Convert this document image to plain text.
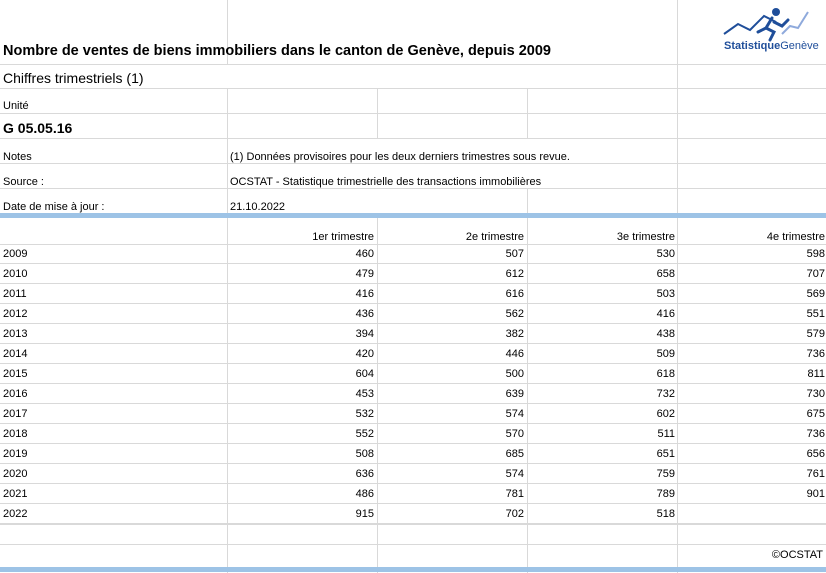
StatistiqueGenève
Nombre de ventes de biens immobiliers dans le canton de Genève, depuis 2009
Chiffres trimestriels (1)
Unité
G 05.05.16
Notes	(1) Données provisoires pour les deux derniers trimestres sous revue.
Source :	OCSTAT - Statistique trimestrielle des transactions immobilières
Date de mise à jour :	21.10.2022
1er trimestre	2e trimestre	3e trimestre	4e trimestre
2009	460	507	530	598
2010	479	612	658	707
2011	416	616	503	569
2012	436	562	416	551
2013	394	382	438	579
2014	420	446	509	736
2015	604	500	618	811
2016	453	639	732	730
2017	532	574	602	675
2018	552	570	511	736
2019	508	685	651	656
2020	636	574	759	761
2021	486	781	789	901
2022	915	702	518
©OCSTAT
